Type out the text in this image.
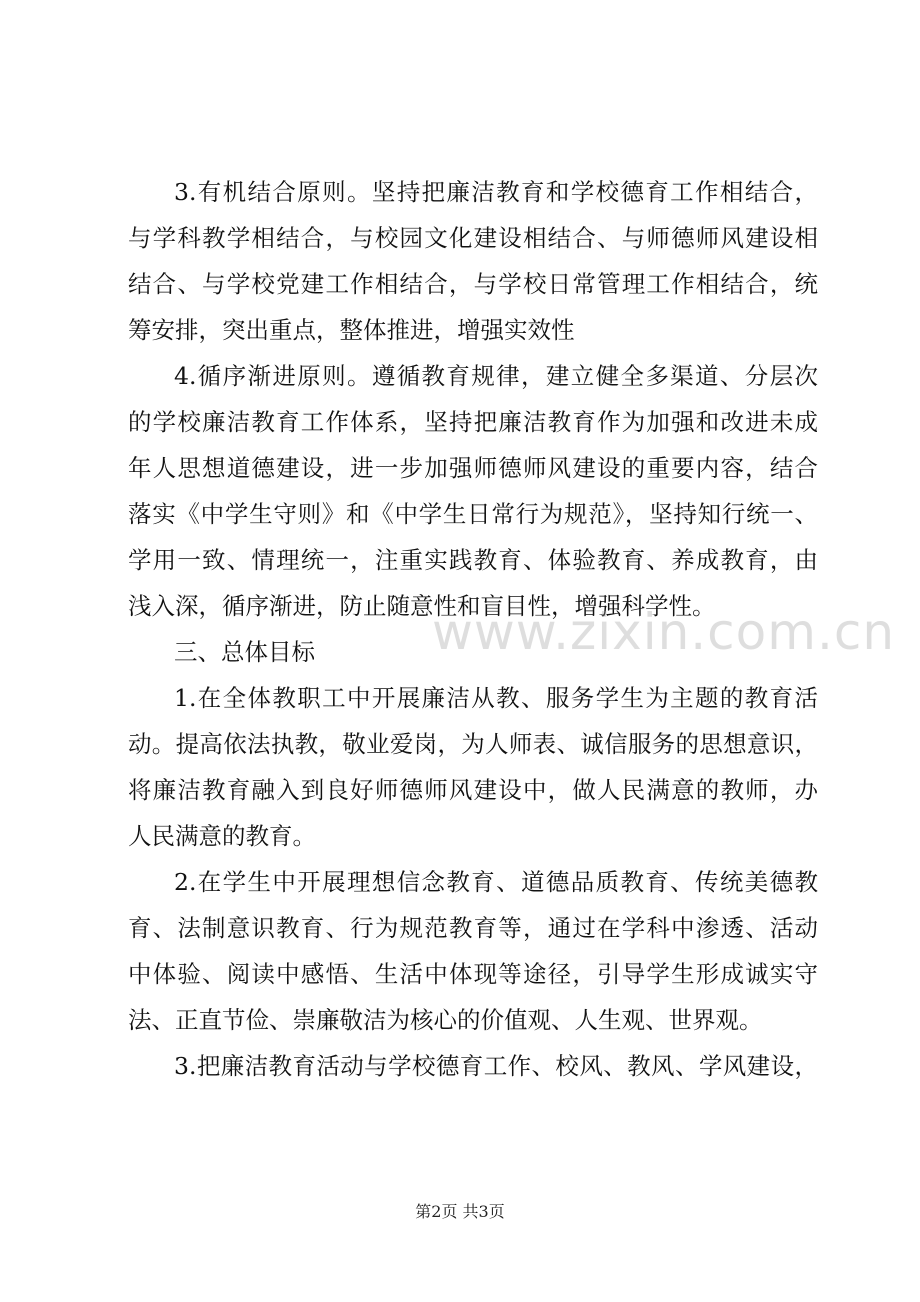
3.有机结合原则。坚持把廉洁教育和学校德育工作相结合，
与学科教学相结合，与校园文化建设相结合、与师德师风建设相
结合、与学校党建工作相结合，与学校日常管理工作相结合，统
筹安排，突出重点，整体推进，增强实效性
4.循序渐进原则。遵循教育规律，建立健全多渠道、分层次
的学校廉洁教育工作体系，坚持把廉洁教育作为加强和改进未成
年人思想道德建设，进一步加强师德师风建设的重要内容，结合
落实《中学生守则》和《中学生日常行为规范》，坚持知行统一、
学用一致、情理统一，注重实践教育、体验教育、养成教育，由
浅入深，循序渐进，防止随意性和盲目性，增强科学性。
三、总体目标
1.在全体教职工中开展廉洁从教、服务学生为主题的教育活
动。提高依法执教，敬业爱岗，为人师表、诚信服务的思想意识，
将廉洁教育融入到良好师德师风建设中，做人民满意的教师，办
人民满意的教育。
2.在学生中开展理想信念教育、道德品质教育、传统美德教
育、法制意识教育、行为规范教育等，通过在学科中渗透、活动
中体验、阅读中感悟、生活中体现等途径，引导学生形成诚实守
法、正直节俭、崇廉敬洁为核心的价值观、人生观、世界观。
3.把廉洁教育活动与学校德育工作、校风、教风、学风建设，
www.zixin.com.cn
第2页 共3页
